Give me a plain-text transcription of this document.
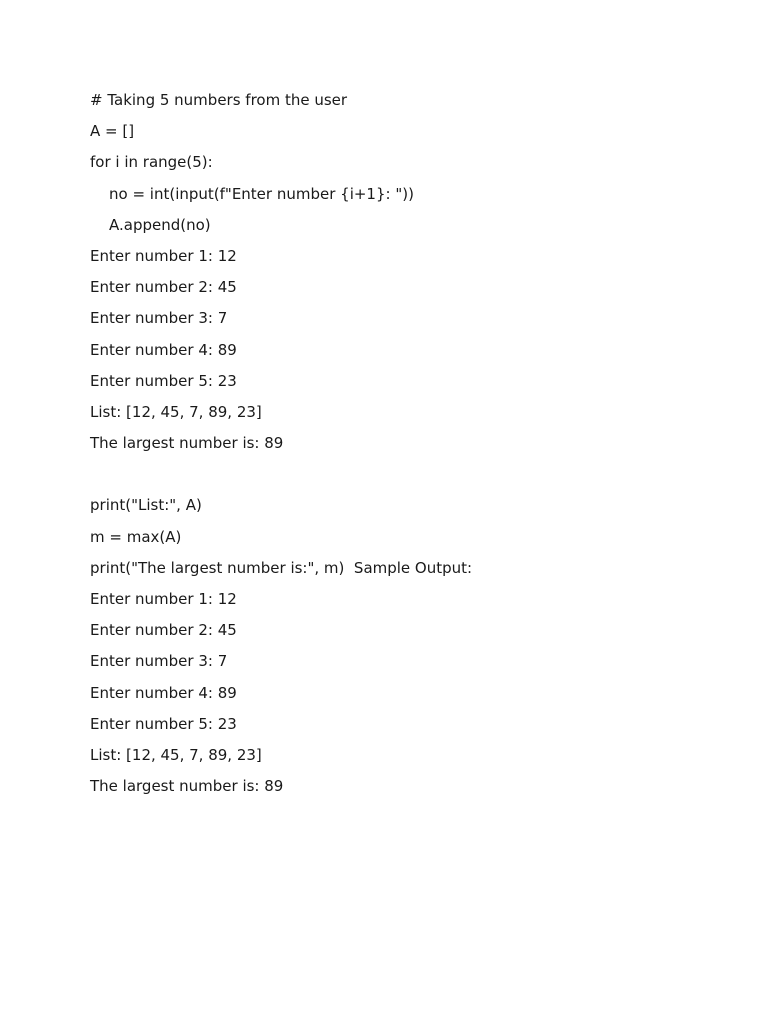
# Taking 5 numbers from the user
A = []
for i in range(5):
no = int(input(f"Enter number {i+1}: "))
A.append(no)
Enter number 1: 12
Enter number 2: 45
Enter number 3: 7
Enter number 4: 89
Enter number 5: 23
List: [12, 45, 7, 89, 23]
The largest number is: 89
print("List:", A)
m = max(A)
print("The largest number is:", m)  Sample Output:
Enter number 1: 12
Enter number 2: 45
Enter number 3: 7
Enter number 4: 89
Enter number 5: 23
List: [12, 45, 7, 89, 23]
The largest number is: 89
